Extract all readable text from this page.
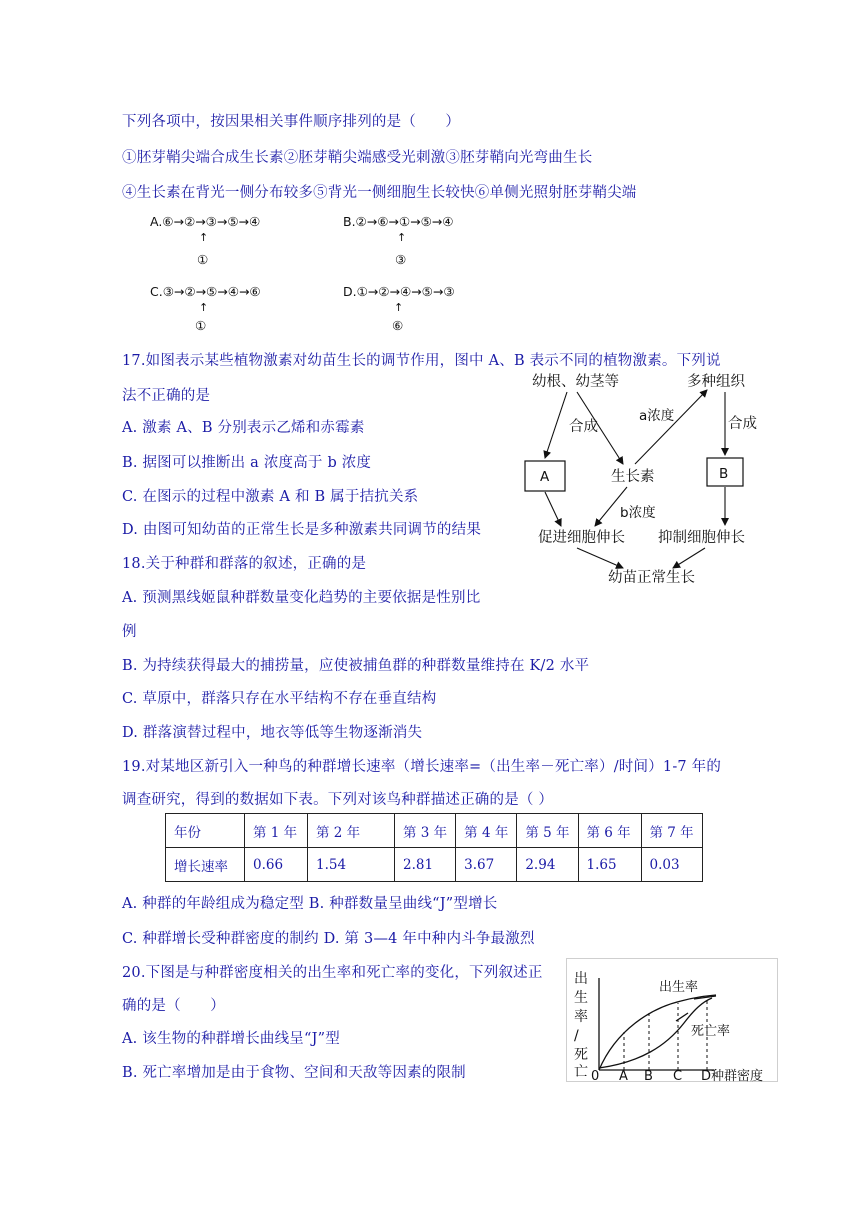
下列各项中，按因果相关事件顺序排列的是（　　）
①胚芽鞘尖端合成生长素②胚芽鞘尖端感受光刺激③胚芽鞘向光弯曲生长
④生长素在背光一侧分布较多⑤背光一侧细胞生长较快⑥单侧光照射胚芽鞘尖端
A.⑥→②→③→⑤→④
↑
①
B.②→⑥→①→⑤→④
↑
③
C.③→②→⑤→④→⑥
↑
①
D.①→②→④→⑤→③
↑
⑥
17.如图表示某些植物激素对幼苗生长的调节作用，图中 A、B 表示不同的植物激素。下列说
法不正确的是
A. 激素 A、B 分别表示乙烯和赤霉素
B. 据图可以推断出 a 浓度高于 b 浓度
C. 在图示的过程中激素 A 和 B 属于拮抗关系
D. 由图可知幼苗的正常生长是多种激素共同调节的结果
幼根、幼茎等	多种组织
合成	合成
a浓度
b浓度
生长素
促进细胞伸长 抑制细胞伸长
幼苗正常生长
A	B
18.关于种群和群落的叙述，正确的是
A. 预测黑线姬鼠种群数量变化趋势的主要依据是性别比
例
B. 为持续获得最大的捕捞量，应使被捕鱼群的种群数量维持在 K/2 水平
C. 草原中，群落只存在水平结构不存在垂直结构
D. 群落演替过程中，地衣等低等生物逐渐消失
19.对某地区新引入一种鸟的种群增长速率（增长速率=（出生率－死亡率）/时间）1-7 年的
调查研究，得到的数据如下表。下列对该鸟种群描述正确的是（ ）
年份	第 1 年	第 2 年	第 3 年	第 4 年	第 5 年	第 6 年	第 7 年
增长速率	0.66	1.54	2.81	3.67	2.94	1.65	0.03
A. 种群的年龄组成为稳定型 B. 种群数量呈曲线“J”型增长
C. 种群增长受种群密度的制约 D. 第 3—4 年中种内斗争最激烈
20.下图是与种群密度相关的出生率和死亡率的变化，下列叙述正
确的是（　　）
A. 该生物的种群增长曲线呈“J”型
B. 死亡率增加是由于食物、空间和天敌等因素的限制
出
生
率
/
死
亡
出生率
死亡率
0 A B C D 种群密度
